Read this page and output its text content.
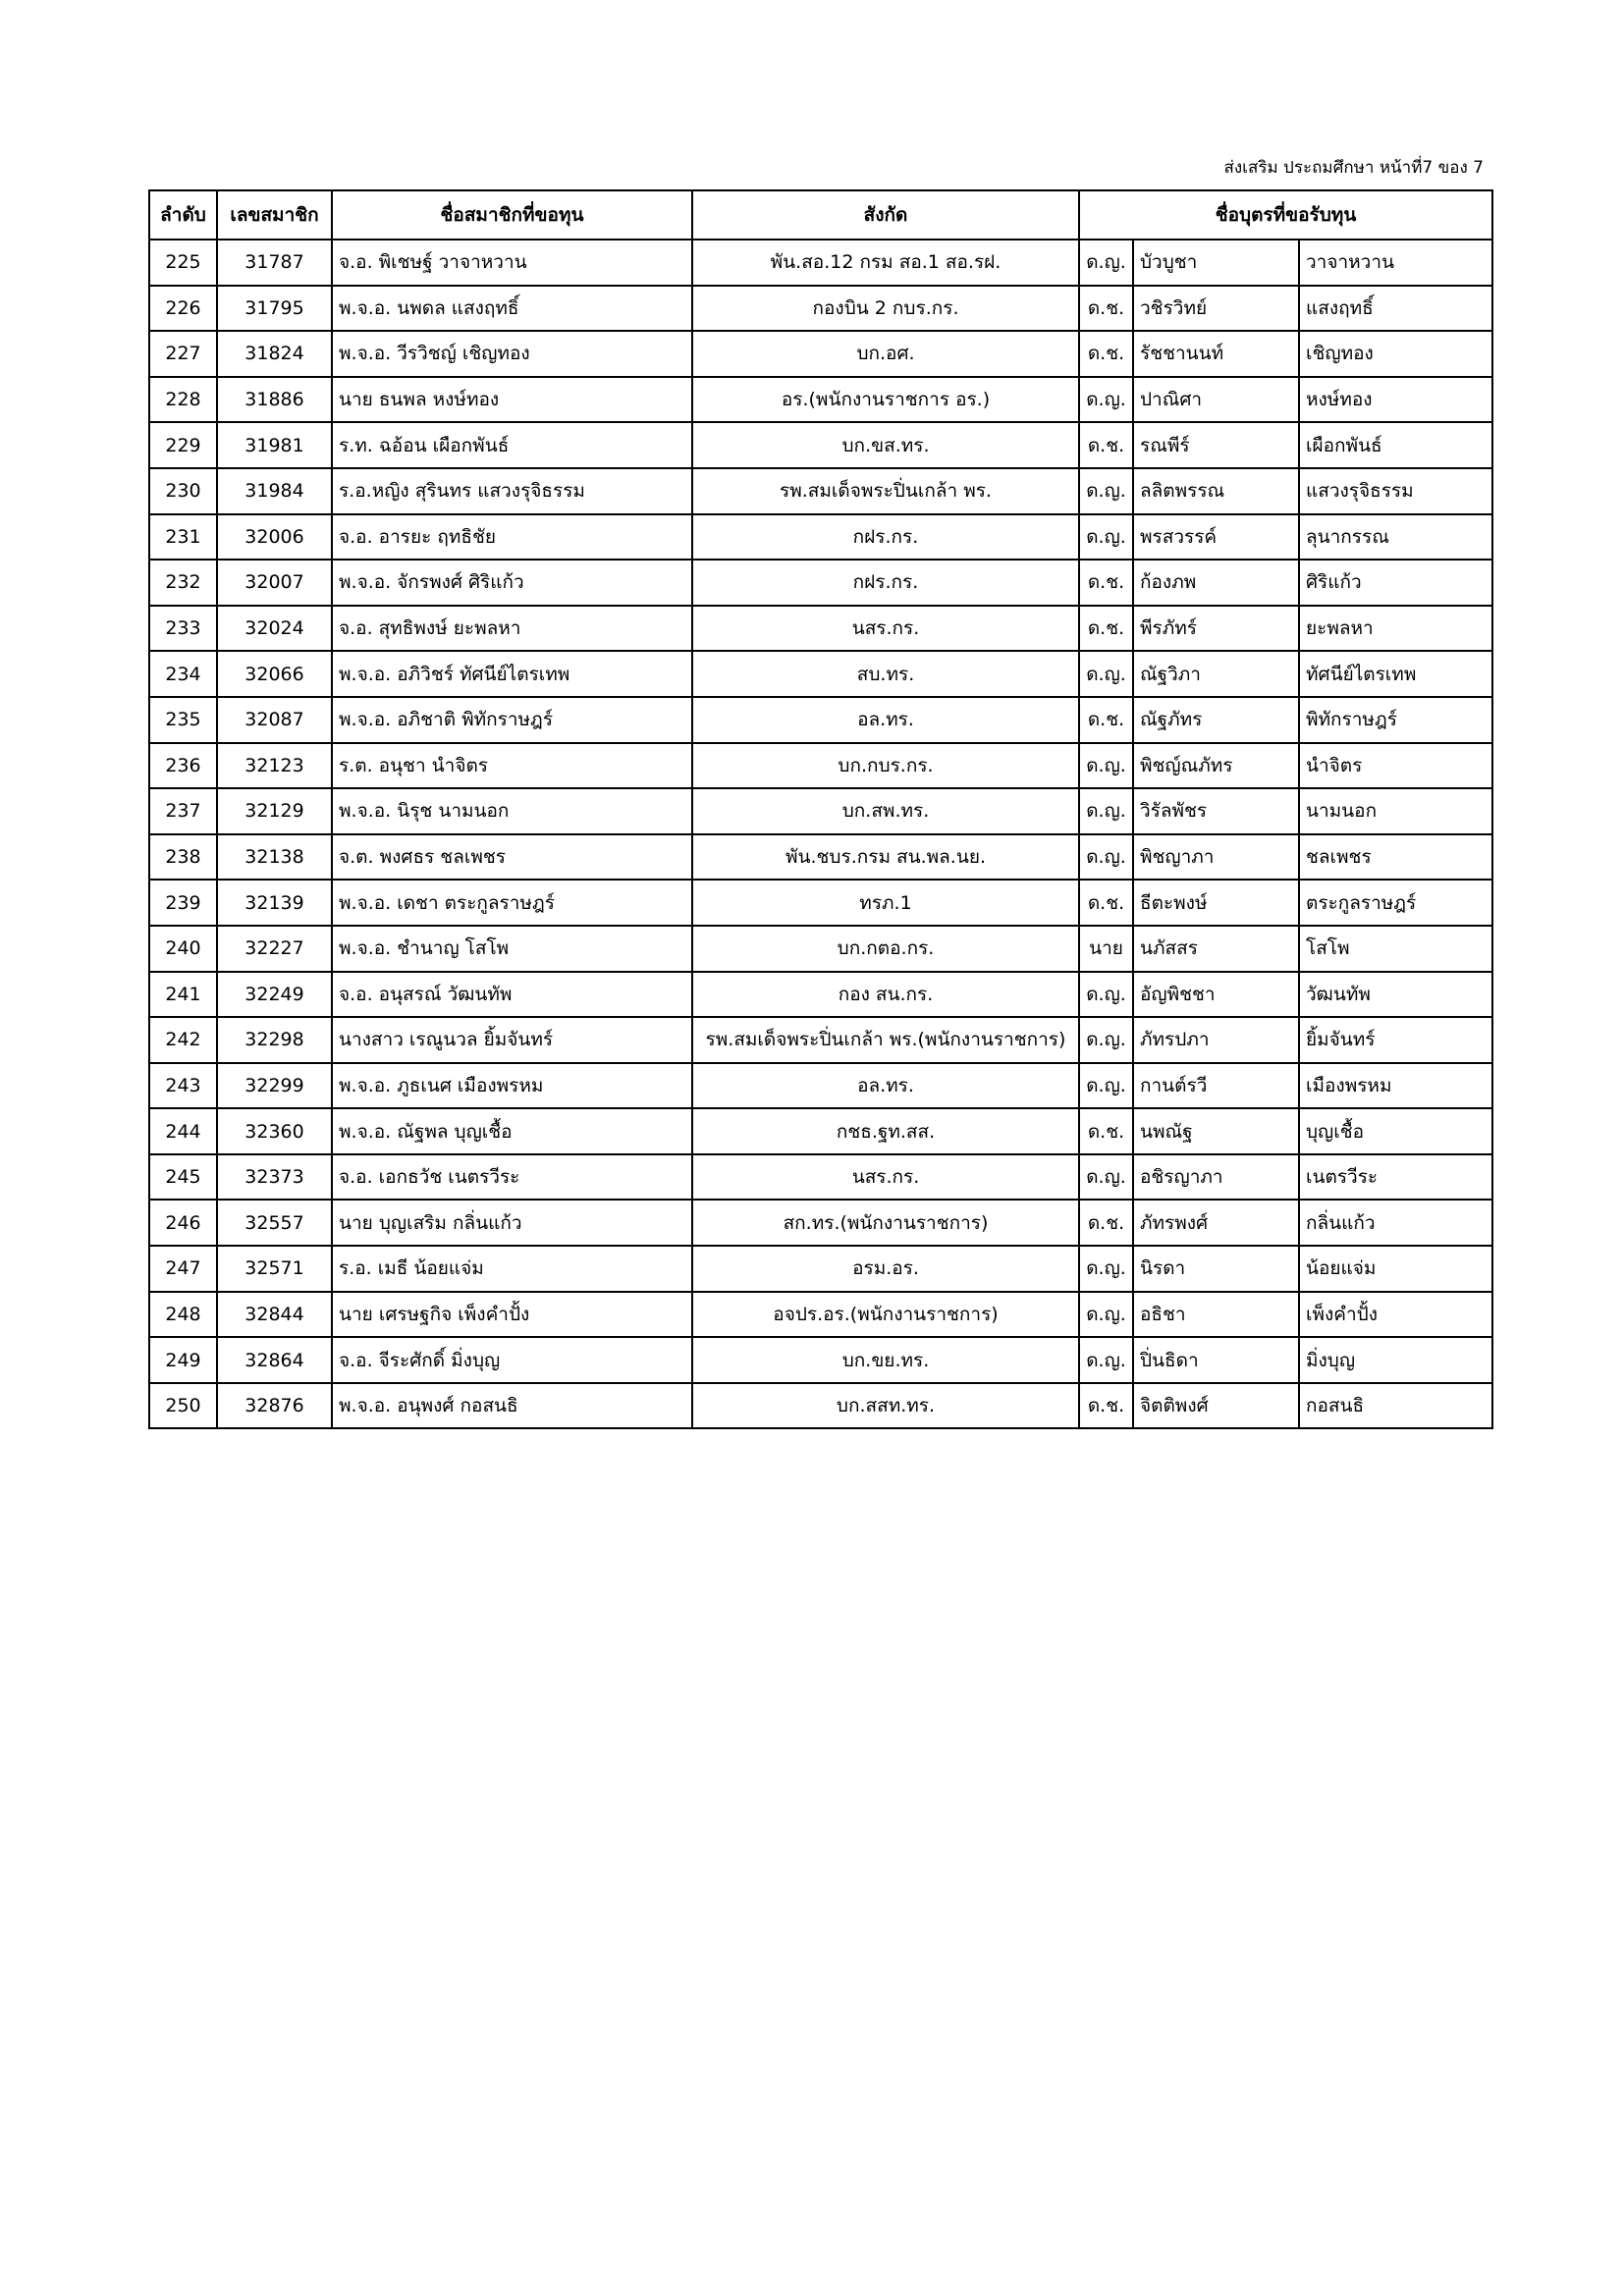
ส่งเสริม ประถมศึกษา หน้าที่7 ของ 7
ลำดับ	เลขสมาชิก	ชื่อสมาชิกที่ขอทุน	สังกัด	ชื่อบุตรที่ขอรับทุน		
225	31787	จ.อ. พิเชษฐ์ วาจาหวาน	พัน.สอ.12 กรม สอ.1 สอ.รฝ.	ด.ญ.	บัวบูชา	วาจาหวาน
226	31795	พ.จ.อ. นพดล แสงฤทธิ์	กองบิน 2 กบร.กร.	ด.ช.	วชิรวิทย์	แสงฤทธิ์
227	31824	พ.จ.อ. วีรวิชญ์ เชิญทอง	บก.อศ.	ด.ช.	รัชชานนท์	เชิญทอง
228	31886	นาย ธนพล หงษ์ทอง	อร.(พนักงานราชการ อร.)	ด.ญ.	ปาณิศา	หงษ์ทอง
229	31981	ร.ท. ฉอ้อน เผือกพันธ์	บก.ขส.ทร.	ด.ช.	รณพีร์	เผือกพันธ์
230	31984	ร.อ.หญิง สุรินทร แสวงรุจิธรรม	รพ.สมเด็จพระปิ่นเกล้า พร.	ด.ญ.	ลลิตพรรณ	แสวงรุจิธรรม
231	32006	จ.อ. อารยะ ฤทธิชัย	กฝร.กร.	ด.ญ.	พรสวรรค์	ลุนากรรณ
232	32007	พ.จ.อ. จักรพงศ์ ศิริแก้ว	กฝร.กร.	ด.ช.	ก้องภพ	ศิริแก้ว
233	32024	จ.อ. สุทธิพงษ์ ยะพลหา	นสร.กร.	ด.ช.	พีรภัทร์	ยะพลหา
234	32066	พ.จ.อ. อภิวิชร์ ทัศนีย์ไตรเทพ	สบ.ทร.	ด.ญ.	ณัฐวิภา	ทัศนีย์ไตรเทพ
235	32087	พ.จ.อ. อภิชาติ พิทักราษฎร์	อล.ทร.	ด.ช.	ณัฐภัทร	พิทักราษฎร์
236	32123	ร.ต. อนุชา นำจิตร	บก.กบร.กร.	ด.ญ.	พิชญ์ณภัทร	นำจิตร
237	32129	พ.จ.อ. นิรุช นามนอก	บก.สพ.ทร.	ด.ญ.	วิรัลพัชร	นามนอก
238	32138	จ.ต. พงศธร ชลเพชร	พัน.ชบร.กรม สน.พล.นย.	ด.ญ.	พิชญาภา	ชลเพชร
239	32139	พ.จ.อ. เดชา ตระกูลราษฎร์	ทรภ.1	ด.ช.	ธีตะพงษ์	ตระกูลราษฎร์
240	32227	พ.จ.อ. ชำนาญ โสโพ	บก.กตอ.กร.	นาย	นภัสสร	โสโพ
241	32249	จ.อ. อนุสรณ์ วัฒนทัพ	กอง สน.กร.	ด.ญ.	อัญพิชชา	วัฒนทัพ
242	32298	นางสาว เรณูนวล ยิ้มจันทร์	รพ.สมเด็จพระปิ่นเกล้า พร.(พนักงานราชการ)	ด.ญ.	ภัทรปภา	ยิ้มจันทร์
243	32299	พ.จ.อ. ภูธเนศ เมืองพรหม	อล.ทร.	ด.ญ.	กานต์รวี	เมืองพรหม
244	32360	พ.จ.อ. ณัฐพล บุญเชื้อ	กชธ.ฐท.สส.	ด.ช.	นพณัฐ	บุญเชื้อ
245	32373	จ.อ. เอกธวัช เนตรวีระ	นสร.กร.	ด.ญ.	อชิรญาภา	เนตรวีระ
246	32557	นาย บุญเสริม กลิ่นแก้ว	สก.ทร.(พนักงานราชการ)	ด.ช.	ภัทรพงศ์	กลิ่นแก้ว
247	32571	ร.อ. เมธี น้อยแจ่ม	อรม.อร.	ด.ญ.	นิรดา	น้อยแจ่ม
248	32844	นาย เศรษฐกิจ เพ็งคำปั้ง	อจปร.อร.(พนักงานราชการ)	ด.ญ.	อธิชา	เพ็งคำปั้ง
249	32864	จ.อ. จีระศักดิ์ มิ่งบุญ	บก.ขย.ทร.	ด.ญ.	ปิ่นธิดา	มิ่งบุญ
250	32876	พ.จ.อ. อนุพงศ์ กอสนธิ	บก.สสท.ทร.	ด.ช.	จิตติพงศ์	กอสนธิ
